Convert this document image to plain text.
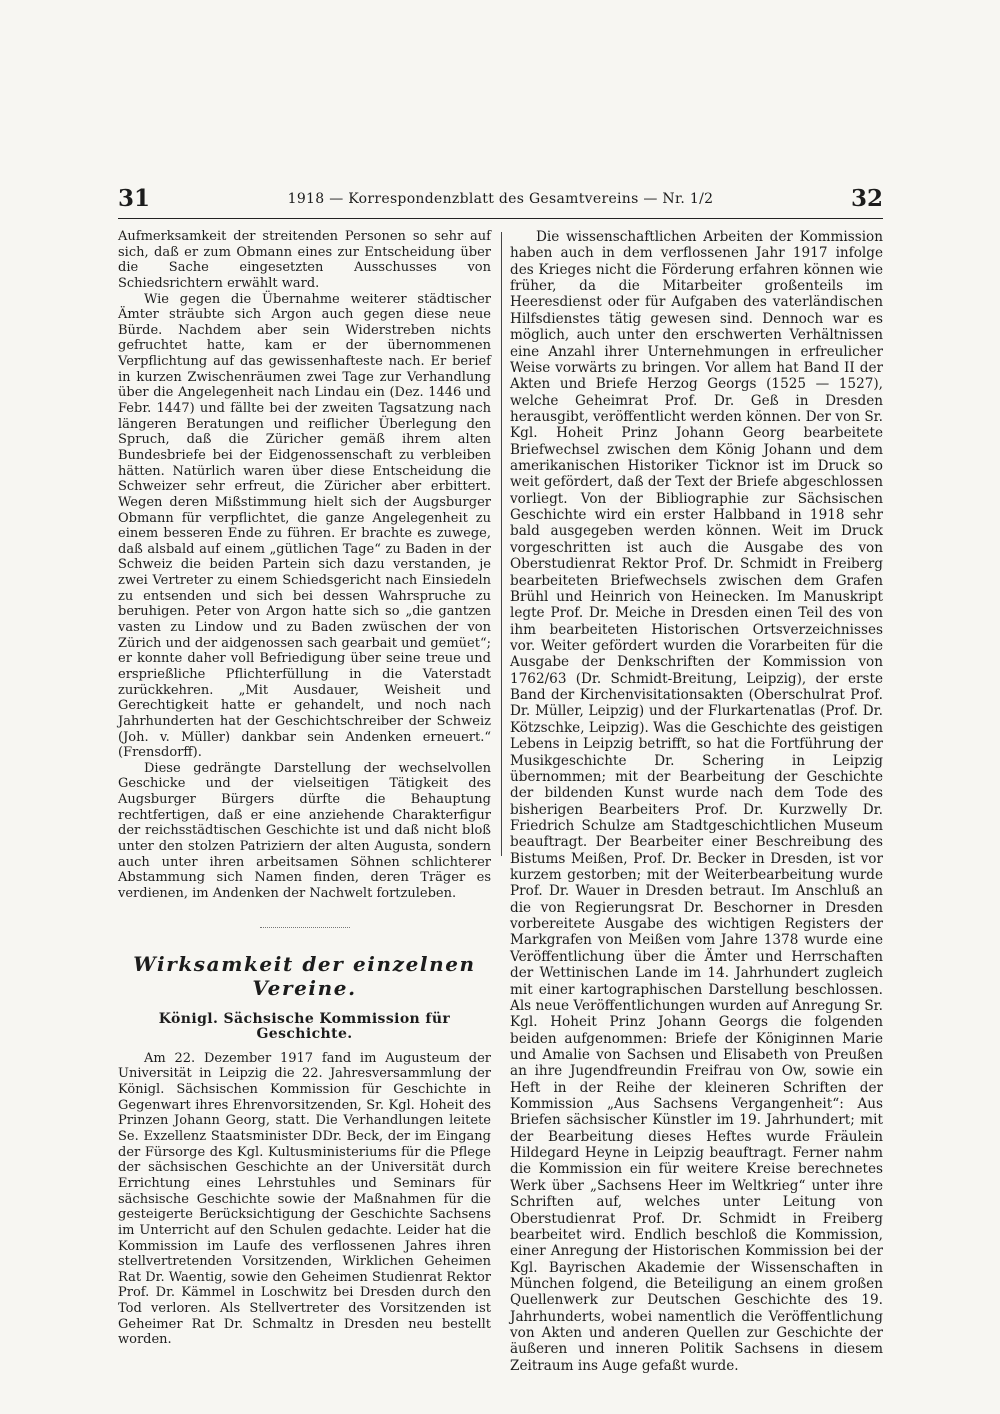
31	1918 — Korrespondenzblatt des Gesamtvereins — Nr. 1/2	32

Aufmerksamkeit der streitenden Personen so sehr auf sich, daß er zum Obmann eines zur Entscheidung über die Sache eingesetzten Ausschusses von Schiedsrichtern erwählt ward.

Wie gegen die Übernahme weiterer städtischer Ämter sträubte sich Argon auch gegen diese neue Bürde. Nachdem aber sein Widerstreben nichts gefruchtet hatte, kam er der übernommenen Verpflichtung auf das gewissenhafteste nach. Er berief in kurzen Zwischenräumen zwei Tage zur Verhandlung über die Angelegenheit nach Lindau ein (Dez. 1446 und Febr. 1447) und fällte bei der zweiten Tagsatzung nach längeren Beratungen und reiflicher Überlegung den Spruch, daß die Züricher gemäß ihrem alten Bundesbriefe bei der Eidgenossenschaft zu verbleiben hätten. Natürlich waren über diese Entscheidung die Schweizer sehr erfreut, die Züricher aber erbittert. Wegen deren Mißstimmung hielt sich der Augsburger Obmann für verpflichtet, die ganze Angelegenheit zu einem besseren Ende zu führen. Er brachte es zuwege, daß alsbald auf einem „gütlichen Tage“ zu Baden in der Schweiz die beiden Partein sich dazu verstanden, je zwei Vertreter zu einem Schiedsgericht nach Einsiedeln zu entsenden und sich bei dessen Wahrspruche zu beruhigen. Peter von Argon hatte sich so „die gantzen vasten zu Lindow und zu Baden zwüschen der von Zürich und der aidgenossen sach gearbait und gemüet“; er konnte daher voll Befriedigung über seine treue und ersprießliche Pflichterfüllung in die Vaterstadt zurückkehren. „Mit Ausdauer, Weisheit und Gerechtigkeit hatte er gehandelt, und noch nach Jahrhunderten hat der Geschichtschreiber der Schweiz (Joh. v. Müller) dankbar sein Andenken erneuert.“ (Frensdorff).

Diese gedrängte Darstellung der wechselvollen Geschicke und der vielseitigen Tätigkeit des Augsburger Bürgers dürfte die Behauptung rechtfertigen, daß er eine anziehende Charakterfigur der reichsstädtischen Geschichte ist und daß nicht bloß unter den stolzen Patriziern der alten Augusta, sondern auch unter ihren arbeitsamen Söhnen schlichterer Abstammung sich Namen finden, deren Träger es verdienen, im Andenken der Nachwelt fortzuleben.

Wirksamkeit der einzelnen Vereine.
Königl. Sächsische Kommission für Geschichte.

Am 22. Dezember 1917 fand im Augusteum der Universität in Leipzig die 22. Jahresversammlung der Königl. Sächsischen Kommission für Geschichte in Gegenwart ihres Ehrenvorsitzenden, Sr. Kgl. Hoheit des Prinzen Johann Georg, statt. Die Verhandlungen leitete Se. Exzellenz Staatsminister DDr. Beck, der im Eingang der Fürsorge des Kgl. Kultusministeriums für die Pflege der sächsischen Geschichte an der Universität durch Errichtung eines Lehrstuhles und Seminars für sächsische Geschichte sowie der Maßnahmen für die gesteigerte Berücksichtigung der Geschichte Sachsens im Unterricht auf den Schulen gedachte. Leider hat die Kommission im Laufe des verflossenen Jahres ihren stellvertretenden Vorsitzenden, Wirklichen Geheimen Rat Dr. Waentig, sowie den Geheimen Studienrat Rektor Prof. Dr. Kämmel in Loschwitz bei Dresden durch den Tod verloren. Als Stellvertreter des Vorsitzenden ist Geheimer Rat Dr. Schmaltz in Dresden neu bestellt worden.

Die wissenschaftlichen Arbeiten der Kommission haben auch in dem verflossenen Jahr 1917 infolge des Krieges nicht die Förderung erfahren können wie früher, da die Mitarbeiter großenteils im Heeresdienst oder für Aufgaben des vaterländischen Hilfsdienstes tätig gewesen sind. Dennoch war es möglich, auch unter den erschwerten Verhältnissen eine Anzahl ihrer Unternehmungen in erfreulicher Weise vorwärts zu bringen. Vor allem hat Band II der Akten und Briefe Herzog Georgs (1525 — 1527), welche Geheimrat Prof. Dr. Geß in Dresden herausgibt, veröffentlicht werden können. Der von Sr. Kgl. Hoheit Prinz Johann Georg bearbeitete Briefwechsel zwischen dem König Johann und dem amerikanischen Historiker Ticknor ist im Druck so weit gefördert, daß der Text der Briefe abgeschlossen vorliegt. Von der Bibliographie zur Sächsischen Geschichte wird ein erster Halbband in 1918 sehr bald ausgegeben werden können. Weit im Druck vorgeschritten ist auch die Ausgabe des von Oberstudienrat Rektor Prof. Dr. Schmidt in Freiberg bearbeiteten Briefwechsels zwischen dem Grafen Brühl und Heinrich von Heinecken. Im Manuskript legte Prof. Dr. Meiche in Dresden einen Teil des von ihm bearbeiteten Historischen Ortsverzeichnisses vor. Weiter gefördert wurden die Vorarbeiten für die Ausgabe der Denkschriften der Kommission von 1762/63 (Dr. Schmidt-Breitung, Leipzig), der erste Band der Kirchenvisitationsakten (Oberschulrat Prof. Dr. Müller, Leipzig) und der Flurkartenatlas (Prof. Dr. Kötzschke, Leipzig). Was die Geschichte des geistigen Lebens in Leipzig betrifft, so hat die Fortführung der Musikgeschichte Dr. Schering in Leipzig übernommen; mit der Bearbeitung der Geschichte der bildenden Kunst wurde nach dem Tode des bisherigen Bearbeiters Prof. Dr. Kurzwelly Dr. Friedrich Schulze am Stadtgeschichtlichen Museum beauftragt. Der Bearbeiter einer Beschreibung des Bistums Meißen, Prof. Dr. Becker in Dresden, ist vor kurzem gestorben; mit der Weiterbearbeitung wurde Prof. Dr. Wauer in Dresden betraut. Im Anschluß an die von Regierungsrat Dr. Beschorner in Dresden vorbereitete Ausgabe des wichtigen Registers der Markgrafen von Meißen vom Jahre 1378 wurde eine Veröffentlichung über die Ämter und Herrschaften der Wettinischen Lande im 14. Jahrhundert zugleich mit einer kartographischen Darstellung beschlossen. Als neue Veröffentlichungen wurden auf Anregung Sr. Kgl. Hoheit Prinz Johann Georgs die folgenden beiden aufgenommen: Briefe der Königinnen Marie und Amalie von Sachsen und Elisabeth von Preußen an ihre Jugendfreundin Freifrau von Ow, sowie ein Heft in der Reihe der kleineren Schriften der Kommission „Aus Sachsens Vergangenheit“: Aus Briefen sächsischer Künstler im 19. Jahrhundert; mit der Bearbeitung dieses Heftes wurde Fräulein Hildegard Heyne in Leipzig beauftragt. Ferner nahm die Kommission ein für weitere Kreise berechnetes Werk über „Sachsens Heer im Weltkrieg“ unter ihre Schriften auf, welches unter Leitung von Oberstudienrat Prof. Dr. Schmidt in Freiberg bearbeitet wird. Endlich beschloß die Kommission, einer Anregung der Historischen Kommission bei der Kgl. Bayrischen Akademie der Wissenschaften in München folgend, die Beteiligung an einem großen Quellenwerk zur Deutschen Geschichte des 19. Jahrhunderts, wobei namentlich die Veröffentlichung von Akten und anderen Quellen zur Geschichte der äußeren und inneren Politik Sachsens in diesem Zeitraum ins Auge gefaßt wurde.
